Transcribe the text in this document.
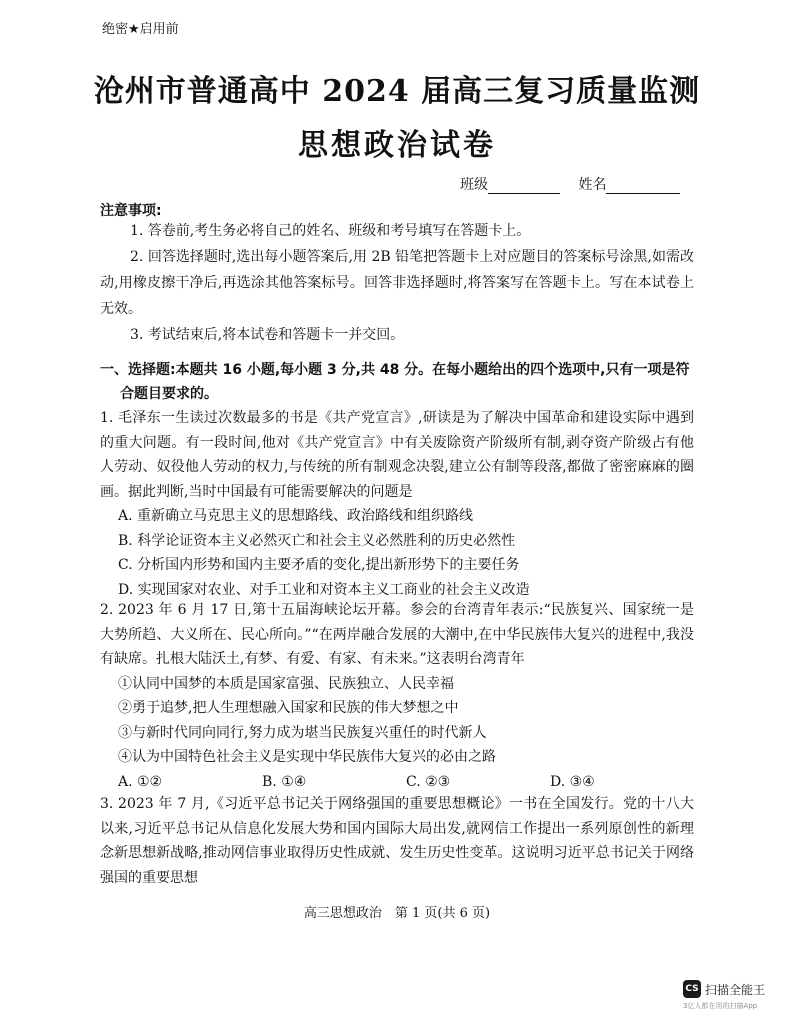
绝密★启用前
沧州市普通高中 2024 届高三复习质量监测
思想政治试卷
班级	姓名
注意事项:

1. 答卷前,考生务必将自己的姓名、班级和考号填写在答题卡上。

2. 回答选择题时,选出每小题答案后,用 2B 铅笔把答题卡上对应题目的答案标号涂黑,如需改动,用橡皮擦干净后,再选涂其他答案标号。回答非选择题时,将答案写在答题卡上。写在本试卷上无效。

3. 考试结束后,将本试卷和答题卡一并交回。

一、选择题:本题共 16 小题,每小题 3 分,共 48 分。在每小题给出的四个选项中,只有一项是符
合题目要求的。

1. 毛泽东一生读过次数最多的书是《共产党宣言》,研读是为了解决中国革命和建设实际中遇到的重大问题。有一段时间,他对《共产党宣言》中有关废除资产阶级所有制,剥夺资产阶级占有他人劳动、奴役他人劳动的权力,与传统的所有制观念决裂,建立公有制等段落,都做了密密麻麻的圈画。据此判断,当时中国最有可能需要解决的问题是

A. 重新确立马克思主义的思想路线、政治路线和组织路线

B. 科学论证资本主义必然灭亡和社会主义必然胜利的历史必然性

C. 分析国内形势和国内主要矛盾的变化,提出新形势下的主要任务

D. 实现国家对农业、对手工业和对资本主义工商业的社会主义改造

2. 2023 年 6 月 17 日,第十五届海峡论坛开幕。参会的台湾青年表示:“民族复兴、国家统一是大势所趋、大义所在、民心所向。”“在两岸融合发展的大潮中,在中华民族伟大复兴的进程中,我没有缺席。扎根大陆沃土,有梦、有爱、有家、有未来。”这表明台湾青年

①认同中国梦的本质是国家富强、民族独立、人民幸福

②勇于追梦,把人生理想融入国家和民族的伟大梦想之中

③与新时代同向同行,努力成为堪当民族复兴重任的时代新人

④认为中国特色社会主义是实现中华民族伟大复兴的必由之路

A. ①②	B. ①④	C. ②③	D. ③④

3. 2023 年 7 月,《习近平总书记关于网络强国的重要思想概论》一书在全国发行。党的十八大以来,习近平总书记从信息化发展大势和国内国际大局出发,就网信工作提出一系列原创性的新理念新思想新战略,推动网信事业取得历史性成就、发生历史性变革。这说明习近平总书记关于网络强国的重要思想

高三思想政治　第 1 页(共 6 页)
CS 扫描全能王
3亿人都在用的扫描App
